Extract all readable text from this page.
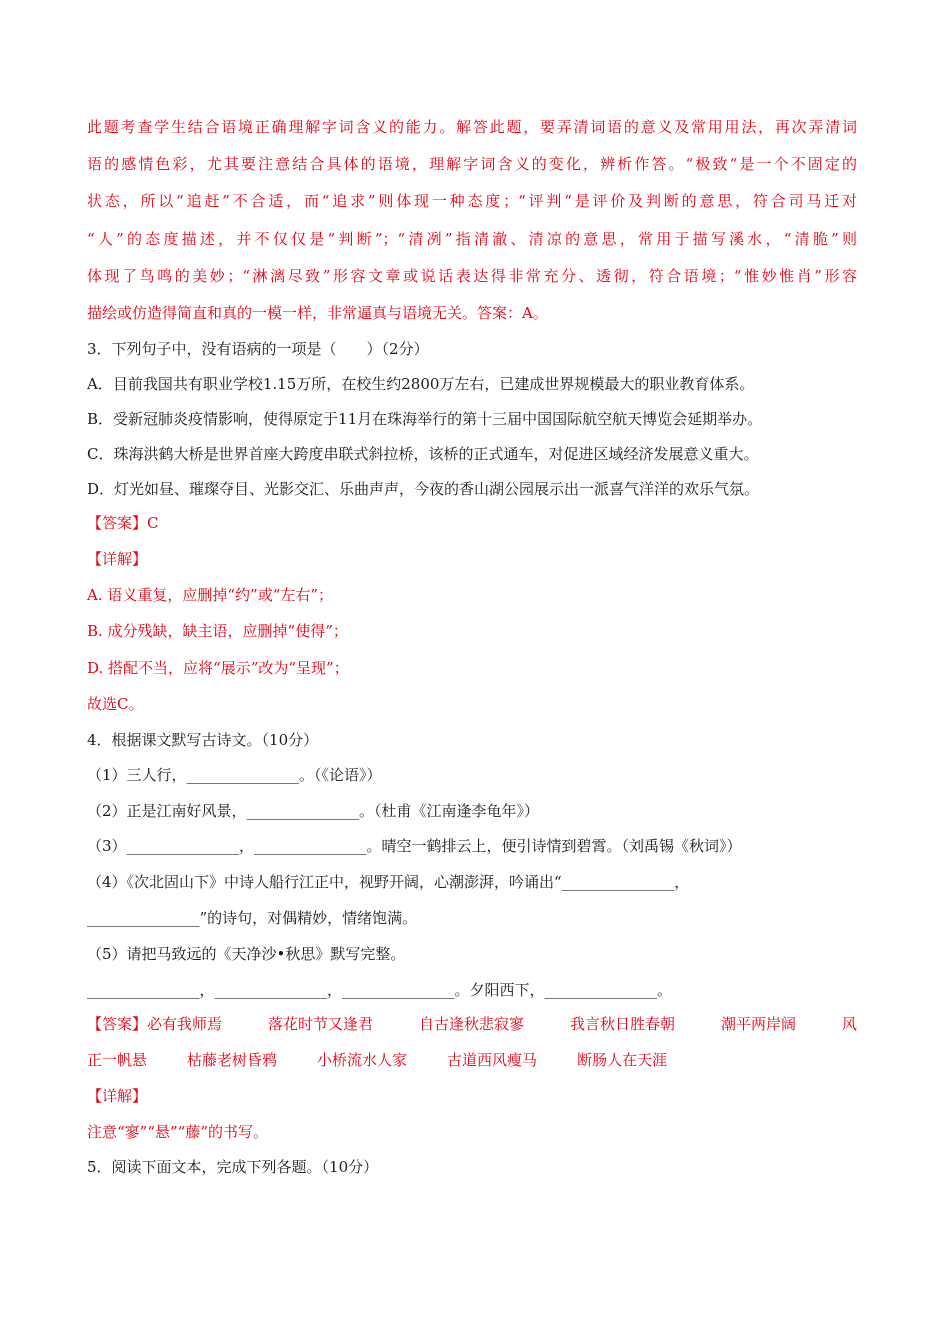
此题考查学生结合语境正确理解字词含义的能力。解答此题，要弄清词语的意义及常用用法，再次弄清词
语的感情色彩，尤其要注意结合具体的语境，理解字词含义的变化，辨析作答。“极致“是一个不固定的
状态，所以“追赶”不合适，而“追求”则体现一种态度；“评判“是评价及判断的意思，符合司马迁对
“人”的态度描述，并不仅仅是“判断”；“清冽”指清澈、清凉的意思，常用于描写溪水，“清脆”则
体现了鸟鸣的美妙；“淋漓尽致”形容文章或说话表达得非常充分、透彻，符合语境；“惟妙惟肖”形容
描绘或仿造得简直和真的一模一样，非常逼真与语境无关。答案：A。
3．下列句子中，没有语病的一项是（　　）（2分）
A．目前我国共有职业学校1.15万所，在校生约2800万左右，已建成世界规模最大的职业教育体系。
B．受新冠肺炎疫情影响，使得原定于11月在珠海举行的第十三届中国国际航空航天博览会延期举办。
C．珠海洪鹤大桥是世界首座大跨度串联式斜拉桥，该桥的正式通车，对促进区域经济发展意义重大。
D．灯光如昼、璀璨夺目、光影交汇、乐曲声声，今夜的香山湖公园展示出一派喜气洋洋的欢乐气氛。
【答案】C
【详解】
A. 语义重复，应删掉“约”或“左右”；
B. 成分残缺，缺主语，应删掉“使得”；
D. 搭配不当，应将“展示”改为“呈现”；
故选C。
4．根据课文默写古诗文。（10分）
（1）三人行，_______________。（《论语》）
（2）正是江南好风景，_______________。（杜甫《江南逢李龟年》）
（3）_______________，_______________。晴空一鹤排云上，便引诗情到碧霄。（刘禹锡《秋词》）
（4）《次北固山下》中诗人船行江正中，视野开阔，心潮澎湃，吟诵出“_______________，
_______________”的诗句，对偶精妙，情绪饱满。
（5）请把马致远的《天净沙•秋思》默写完整。
_______________，_______________，_______________。夕阳西下，_______________。
【答案】必有我师焉	落花时节又逢君	自古逢秋悲寂寥	我言秋日胜春朝	潮平两岸阔	风
正一帆悬	枯藤老树昏鸦	小桥流水人家	古道西风瘦马	断肠人在天涯
【详解】
注意“寥”“悬”“藤”的书写。
5．阅读下面文本，完成下列各题。（10分）
